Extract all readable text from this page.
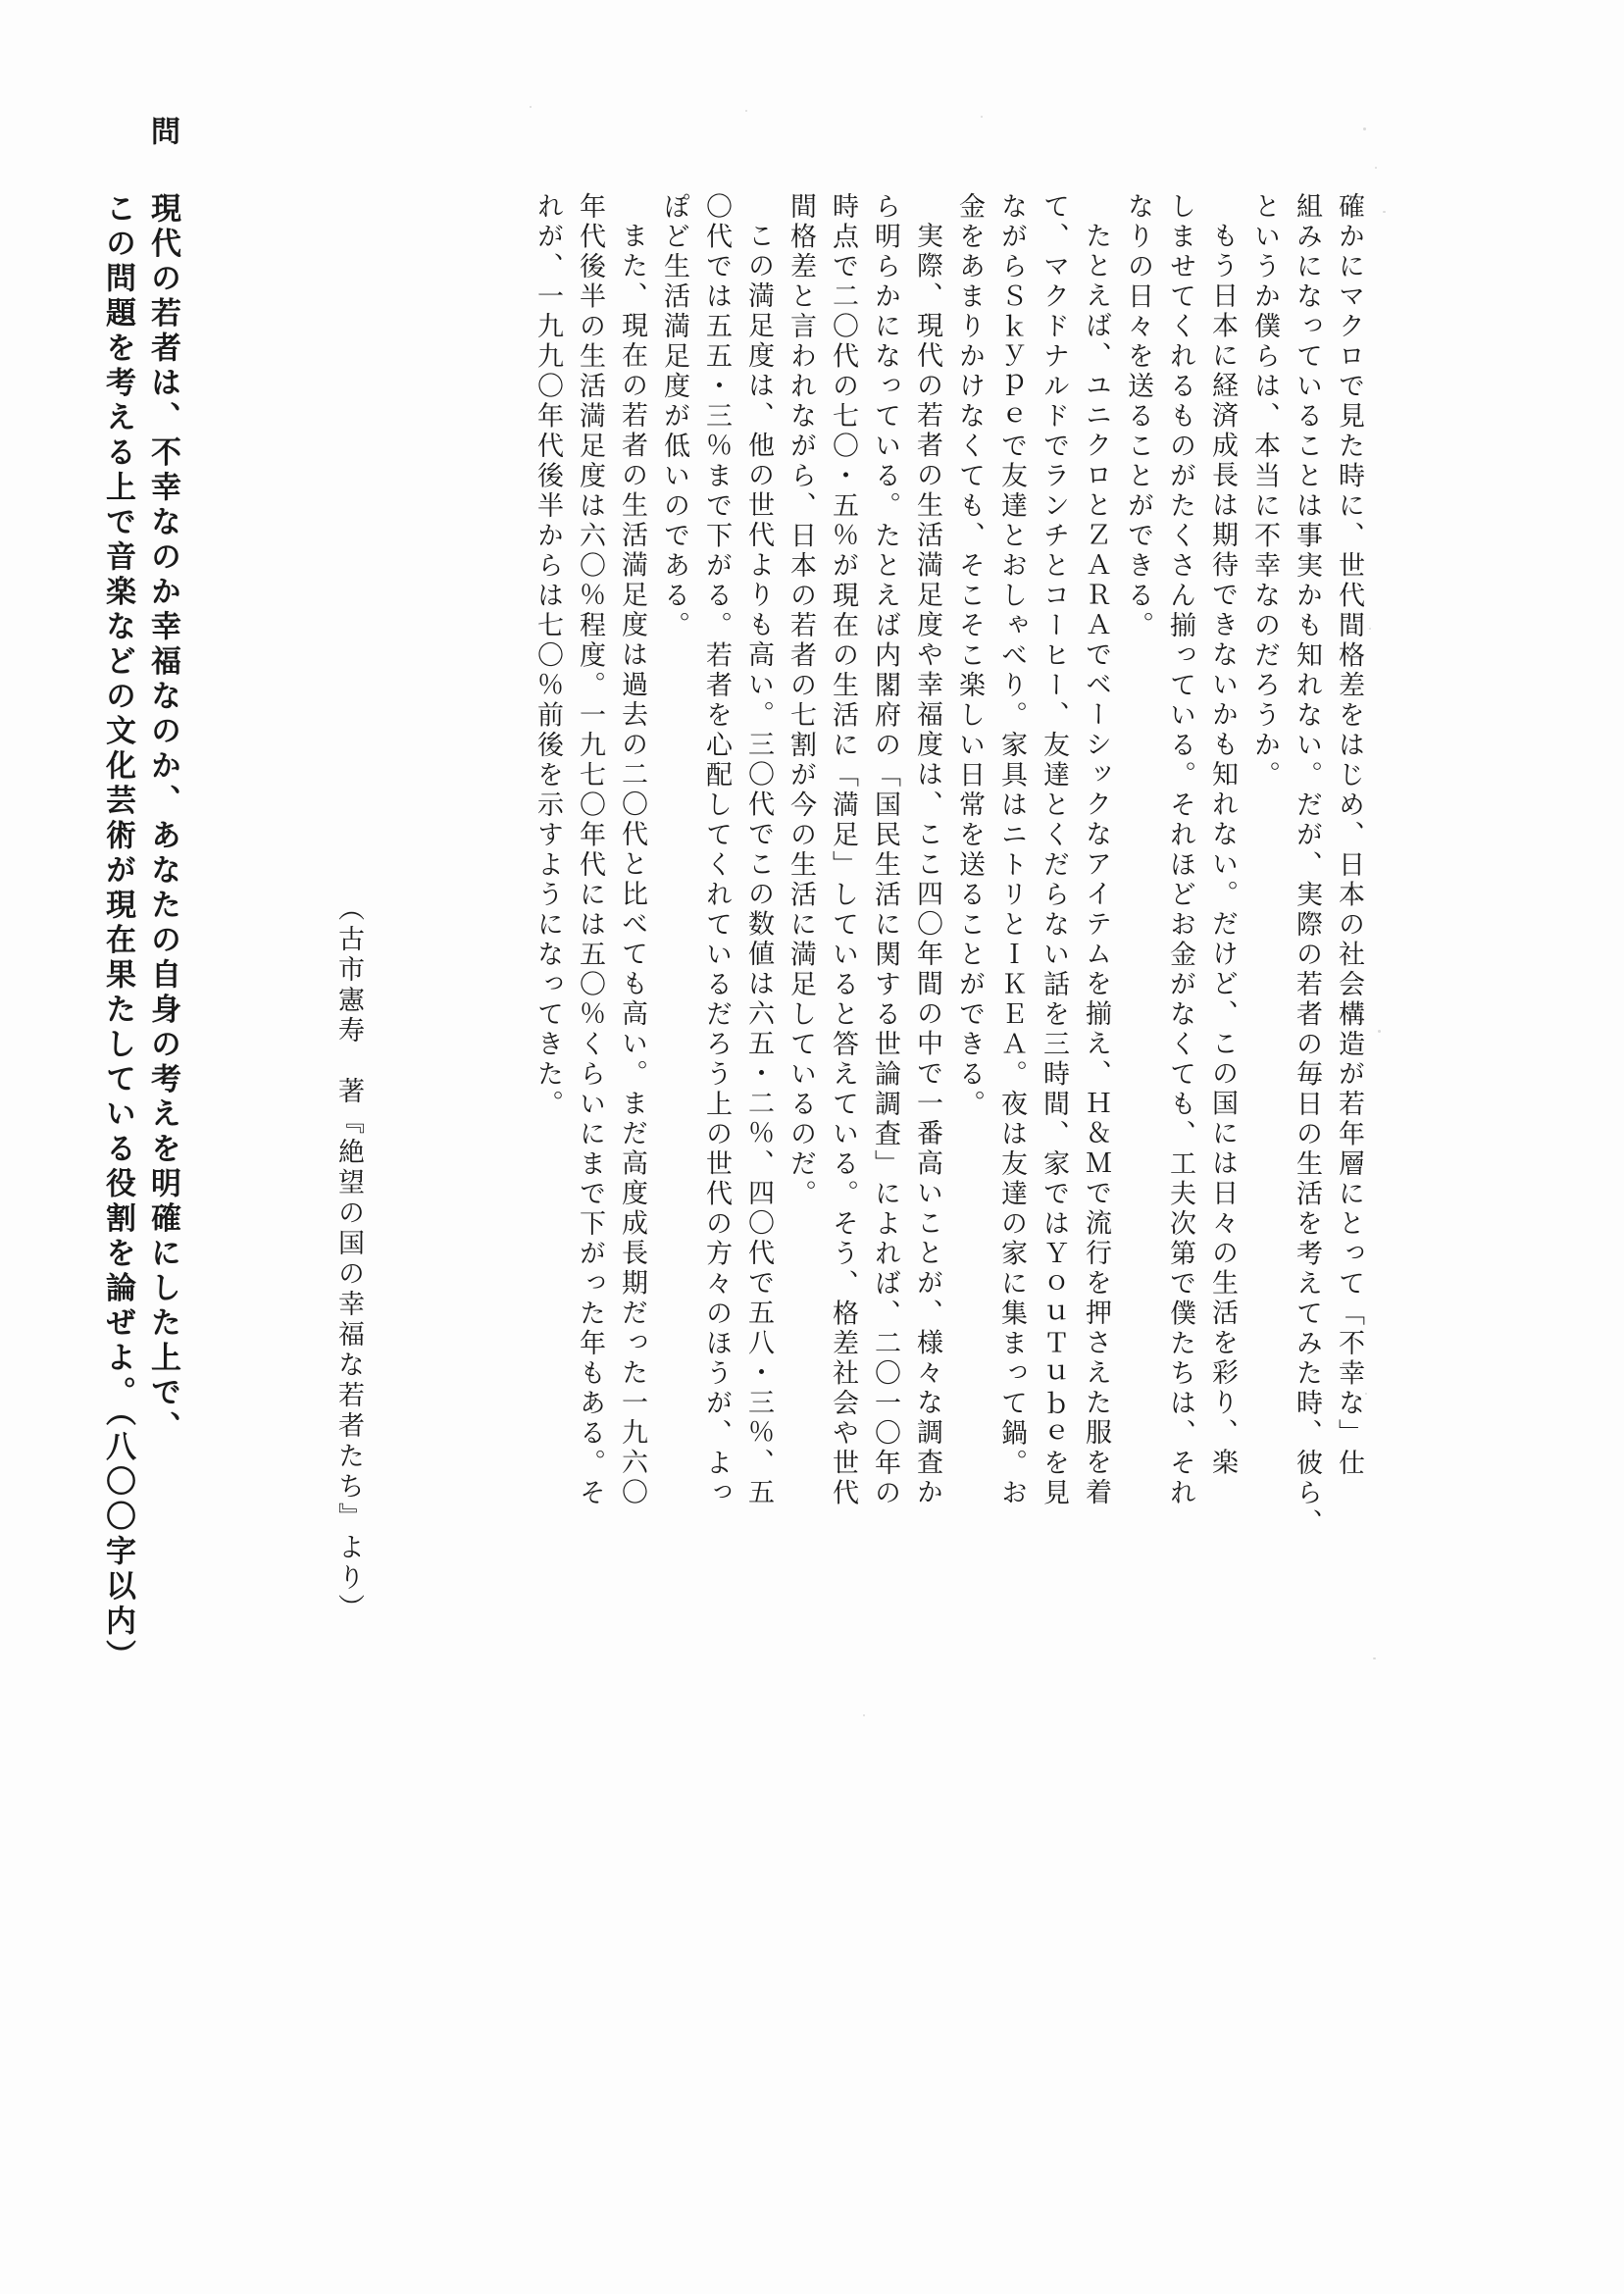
確かにマクロで見た時に、世代間格差をはじめ、日本の社会構造が若年層にとって「不幸な」仕
組みになっていることは事実かも知れない。だが、実際の若者の毎日の生活を考えてみた時、彼ら、
というか僕らは、本当に不幸なのだろうか。
もう日本に経済成長は期待できないかも知れない。だけど、この国には日々の生活を彩り、楽
しませてくれるものがたくさん揃っている。それほどお金がなくても、工夫次第で僕たちは、それ
なりの日々を送ることができる。
たとえば、ユニクロとＺＡＲＡでベーシックなアイテムを揃え、Ｈ＆Ｍで流行を押さえた服を着
て、マクドナルドでランチとコーヒー、友達とくだらない話を三時間、家ではＹｏｕＴｕｂｅを見
ながらＳｋｙｐｅで友達とおしゃべり。家具はニトリとＩＫＥＡ。夜は友達の家に集まって鍋。お
金をあまりかけなくても、そこそこ楽しい日常を送ることができる。
実際、現代の若者の生活満足度や幸福度は、ここ四〇年間の中で一番高いことが、様々な調査か
ら明らかになっている。たとえば内閣府の「国民生活に関する世論調査」によれば、二〇一〇年の
時点で二〇代の七〇・五％が現在の生活に「満足」していると答えている。そう、格差社会や世代
間格差と言われながら、日本の若者の七割が今の生活に満足しているのだ。
この満足度は、他の世代よりも高い。三〇代でこの数値は六五・二％、四〇代で五八・三％、五
〇代では五五・三％まで下がる。若者を心配してくれているだろう上の世代の方々のほうが、よっ
ぽど生活満足度が低いのである。
また、現在の若者の生活満足度は過去の二〇代と比べても高い。まだ高度成長期だった一九六〇
年代後半の生活満足度は六〇％程度。一九七〇年代には五〇％くらいにまで下がった年もある。そ
れが、一九九〇年代後半からは七〇％前後を示すようになってきた。
（古市憲寿　著『絶望の国の幸福な若者たち』より）
問
現代の若者は、不幸なのか幸福なのか、あなたの自身の考えを明確にした上で、
この問題を考える上で音楽などの文化芸術が現在果たしている役割を論ぜよ。（八〇〇字以内）
